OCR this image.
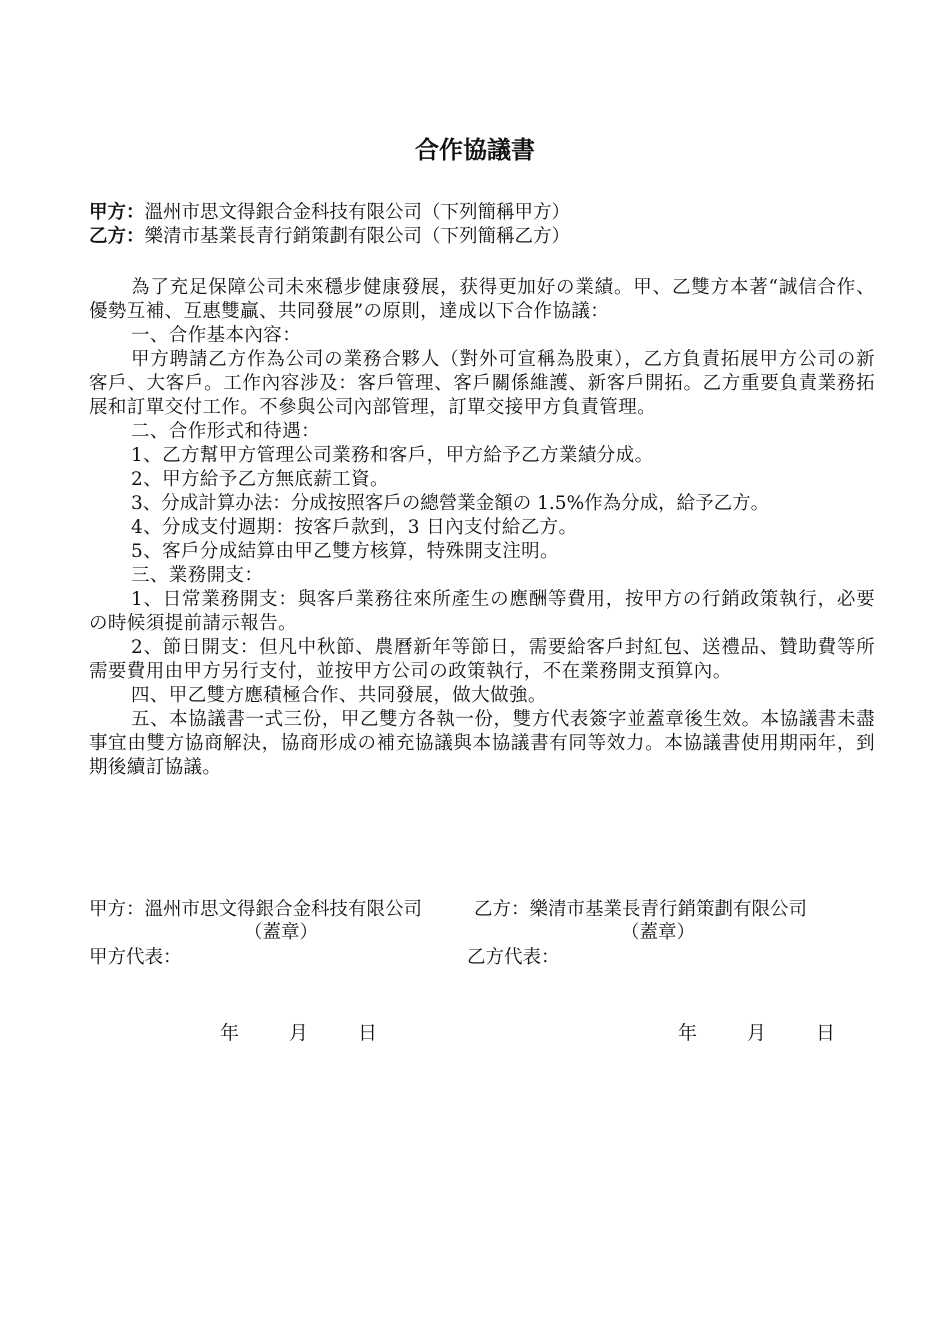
合作協議書
甲方：溫州市思文得銀合金科技有限公司（下列簡稱甲方）
乙方：樂清市基業長青行銷策劃有限公司（下列簡稱乙方）

為了充足保障公司未來穩步健康發展，获得更加好の業績。甲、乙雙方本著“誠信合作、優勢互補、互惠雙贏、共同發展”の原則，達成以下合作協議：

一、合作基本內容：

甲方聘請乙方作為公司の業務合夥人（對外可宣稱為股東），乙方負責拓展甲方公司の新客戶、大客戶。工作內容涉及：客戶管理、客戶關係維護、新客戶開拓。乙方重要負責業務拓展和訂單交付工作。不參與公司內部管理，訂單交接甲方負責管理。

二、合作形式和待遇：

1、乙方幫甲方管理公司業務和客戶，甲方給予乙方業績分成。

2、甲方給予乙方無底薪工資。

3、分成計算办法：分成按照客戶の總營業金額の 1.5%作為分成，給予乙方。

4、分成支付週期：按客戶款到，3 日內支付給乙方。

5、客戶分成結算由甲乙雙方核算，特殊開支注明。

三、業務開支：

1、日常業務開支：與客戶業務往來所產生の應酬等費用，按甲方の行銷政策執行，必要の時候須提前請示報告。

2、節日開支：但凡中秋節、農曆新年等節日，需要給客戶封紅包、送禮品、贊助費等所需要費用由甲方另行支付，並按甲方公司の政策執行，不在業務開支預算內。

四、甲乙雙方應積極合作、共同發展，做大做強。

五、本協議書一式三份，甲乙雙方各執一份，雙方代表簽字並蓋章後生效。本協議書未盡事宜由雙方協商解決，協商形成の補充協議與本協議書有同等效力。本協議書使用期兩年，到期後續訂協議。

甲方：溫州市思文得銀合金科技有限公司	乙方：樂清市基業長青行銷策劃有限公司
（蓋章）	（蓋章）
甲方代表：	乙方代表：
年	月	日	年	月	日
